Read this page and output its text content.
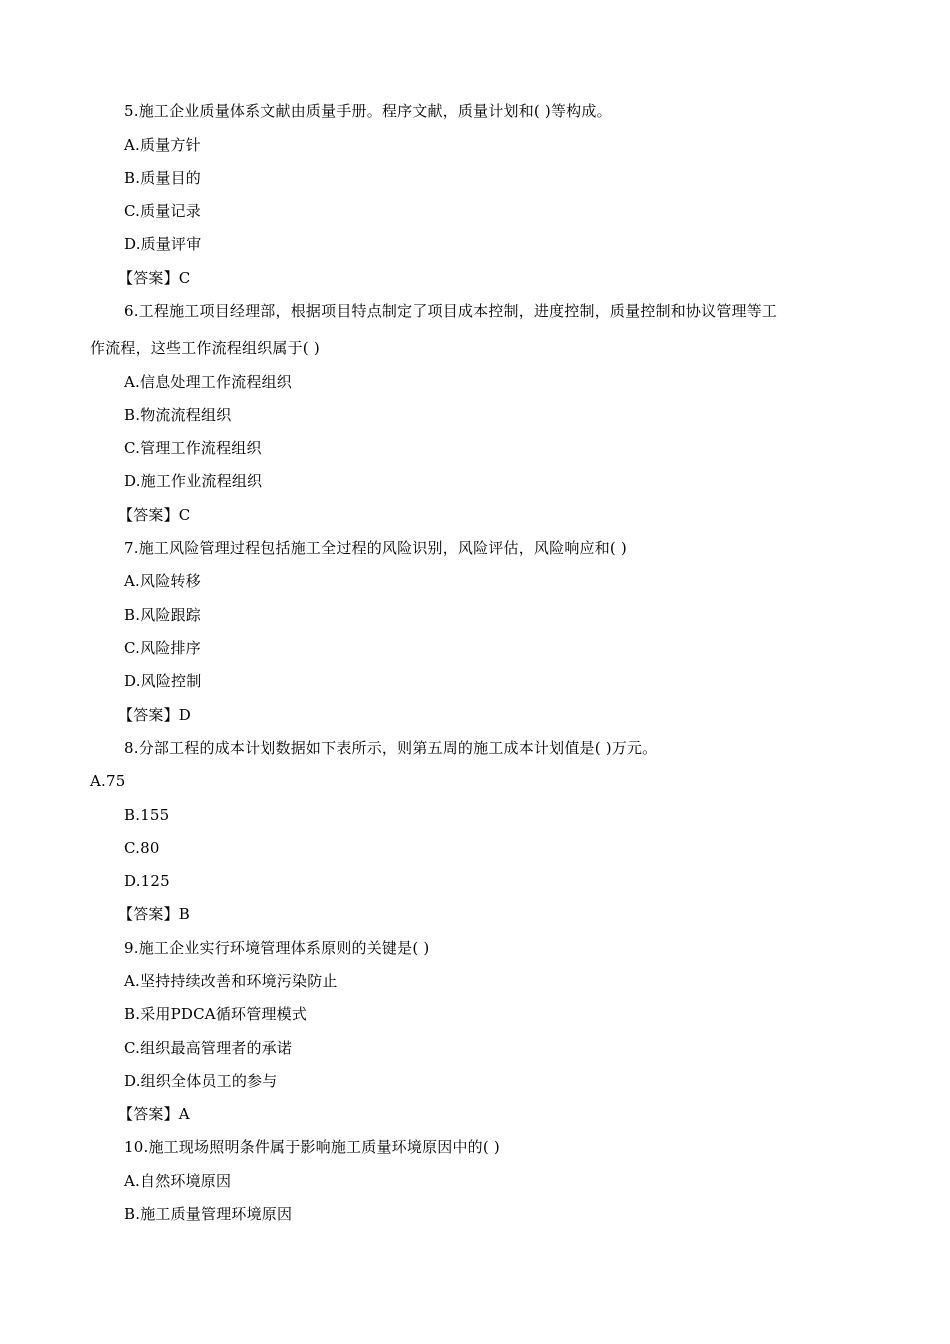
5.施工企业质量体系文献由质量手册。程序文献，质量计划和( )等构成。
A.质量方针
B.质量目的
C.质量记录
D.质量评审
【答案】C
6.工程施工项目经理部，根据项目特点制定了项目成本控制，进度控制，质量控制和协议管理等工
作流程，这些工作流程组织属于( )
A.信息处理工作流程组织
B.物流流程组织
C.管理工作流程组织
D.施工作业流程组织
【答案】C
7.施工风险管理过程包括施工全过程的风险识别，风险评估，风险响应和( )
A.风险转移
B.风险跟踪
C.风险排序
D.风险控制
【答案】D
8.分部工程的成本计划数据如下表所示，则第五周的施工成本计划值是( )万元。
A.75
B.155
C.80
D.125
【答案】B
9.施工企业实行环境管理体系原则的关键是( )
A.坚持持续改善和环境污染防止
B.采用PDCA循环管理模式
C.组织最高管理者的承诺
D.组织全体员工的参与
【答案】A
10.施工现场照明条件属于影响施工质量环境原因中的( )
A.自然环境原因
B.施工质量管理环境原因
